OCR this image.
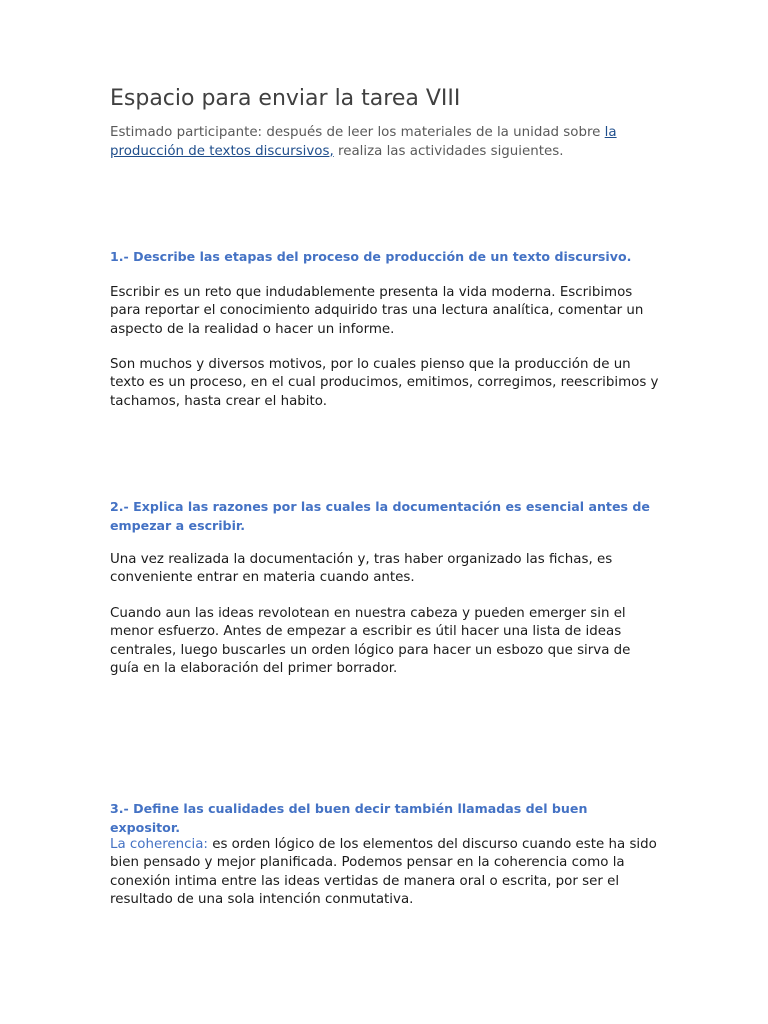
Espacio para enviar la tarea VIII

Estimado participante: después de leer los materiales de la unidad sobre la producción de textos discursivos, realiza las actividades siguientes.

1.- Describe las etapas del proceso de producción de un texto discursivo.

Escribir es un reto que indudablemente presenta la vida moderna. Escribimos para reportar el conocimiento adquirido tras una lectura analítica, comentar un aspecto de la realidad o hacer un informe.

Son muchos y diversos motivos, por lo cuales pienso que la producción de un texto es un proceso, en el cual producimos, emitimos, corregimos, reescribimos y tachamos, hasta crear el habito.

2.- Explica las razones por las cuales la documentación es esencial antes de empezar a escribir.

Una vez realizada la documentación y, tras haber organizado las fichas, es conveniente entrar en materia cuando antes.

Cuando aun las ideas revolotean en nuestra cabeza y pueden emerger sin el menor esfuerzo. Antes de empezar a escribir es útil hacer una lista de ideas centrales, luego buscarles un orden lógico para hacer un esbozo que sirva de guía en la elaboración del primer borrador.

3.- Define las cualidades del buen decir también llamadas del buen expositor.

La coherencia: es orden lógico de los elementos del discurso cuando este ha sido bien pensado y mejor planificada. Podemos pensar en la coherencia como la conexión intima entre las ideas vertidas de manera oral o escrita, por ser el resultado de una sola intención conmutativa.
